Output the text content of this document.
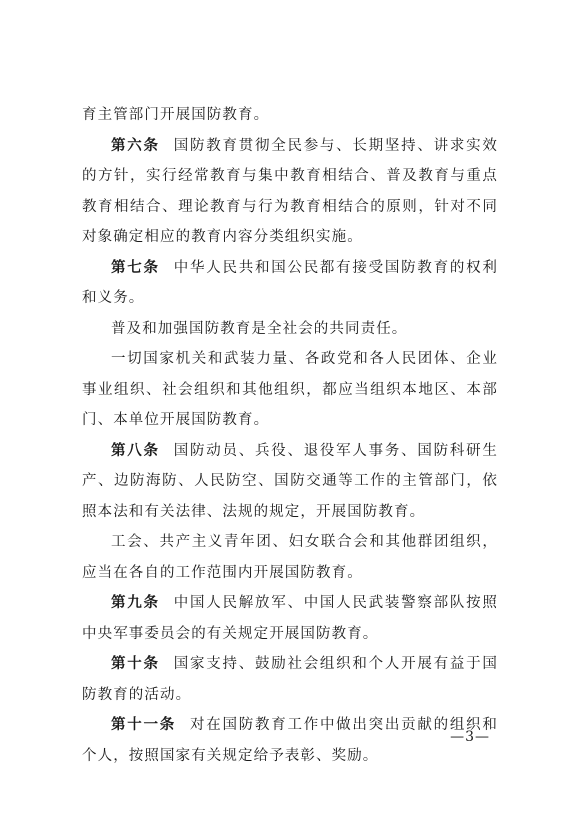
育主管部门开展国防教育。

第六条 国防教育贯彻全民参与、长期坚持、讲求实效的方针，实行经常教育与集中教育相结合、普及教育与重点教育相结合、理论教育与行为教育相结合的原则，针对不同对象确定相应的教育内容分类组织实施。

第七条 中华人民共和国公民都有接受国防教育的权利和义务。

普及和加强国防教育是全社会的共同责任。

一切国家机关和武装力量、各政党和各人民团体、企业事业组织、社会组织和其他组织，都应当组织本地区、本部门、本单位开展国防教育。

第八条 国防动员、兵役、退役军人事务、国防科研生产、边防海防、人民防空、国防交通等工作的主管部门，依照本法和有关法律、法规的规定，开展国防教育。

工会、共产主义青年团、妇女联合会和其他群团组织，应当在各自的工作范围内开展国防教育。

第九条 中国人民解放军、中国人民武装警察部队按照中央军事委员会的有关规定开展国防教育。

第十条 国家支持、鼓励社会组织和个人开展有益于国防教育的活动。

第十一条 对在国防教育工作中做出突出贡献的组织和个人，按照国家有关规定给予表彰、奖励。

—3—
